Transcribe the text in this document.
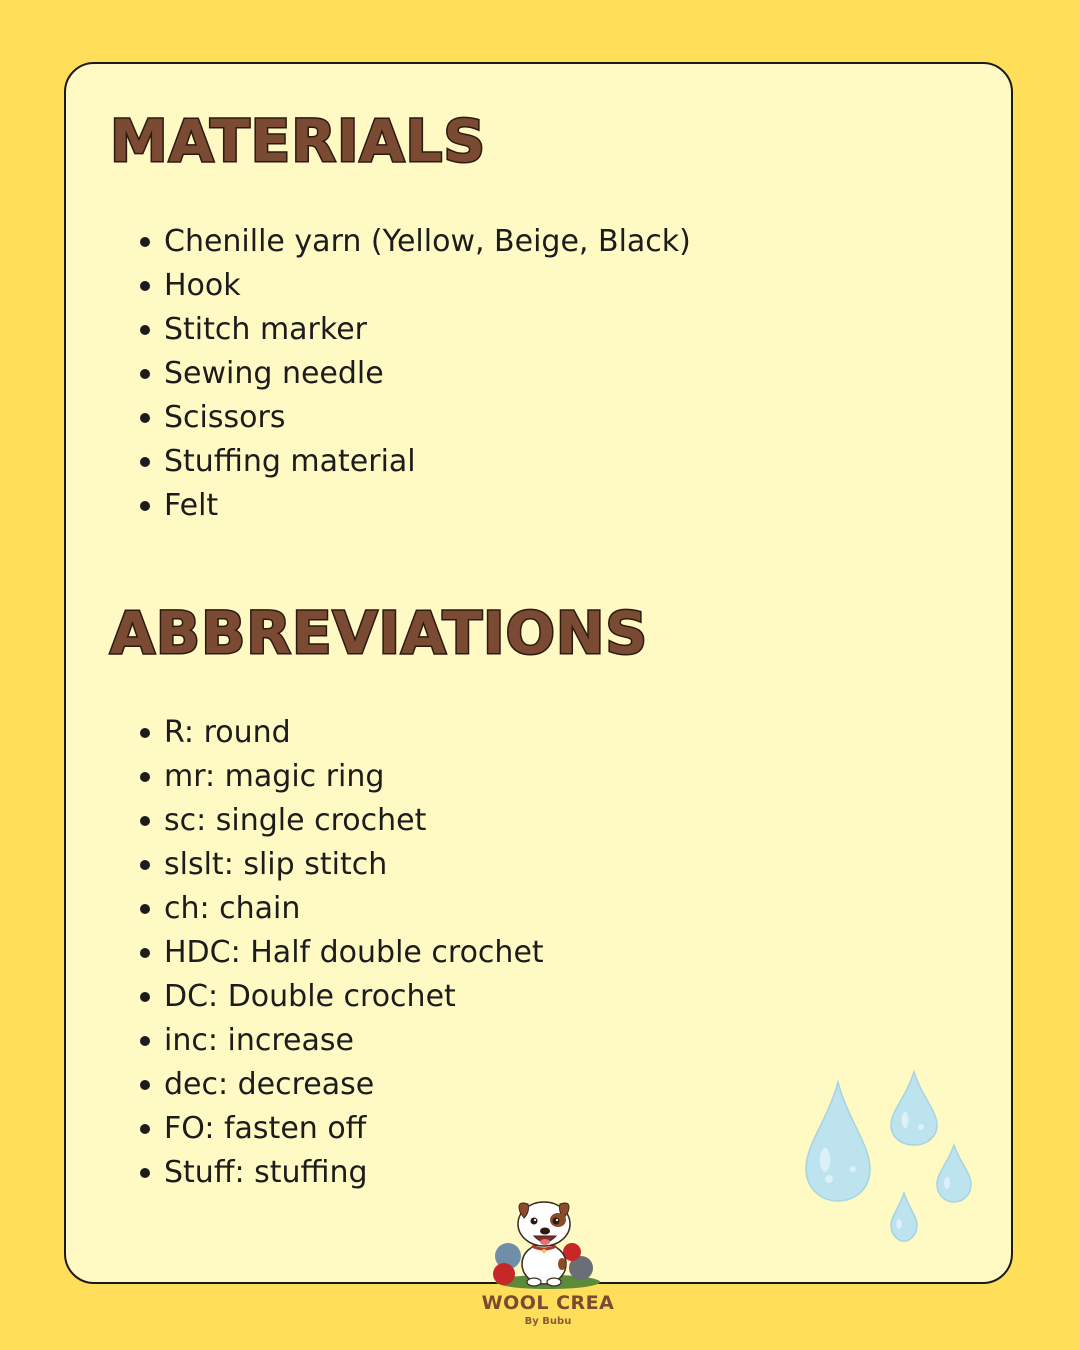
MATERIALS
Chenille yarn (Yellow, Beige, Black)
Hook
Stitch marker
Sewing needle
Scissors
Stuffing material
Felt
ABBREVIATIONS
R: round
mr: magic ring
sc: single crochet
slslt: slip stitch
ch: chain
HDC: Half double crochet
DC: Double crochet
inc: increase
dec: decrease
FO: fasten off
Stuff: stuffing
WOOL CREA
By Bubu
